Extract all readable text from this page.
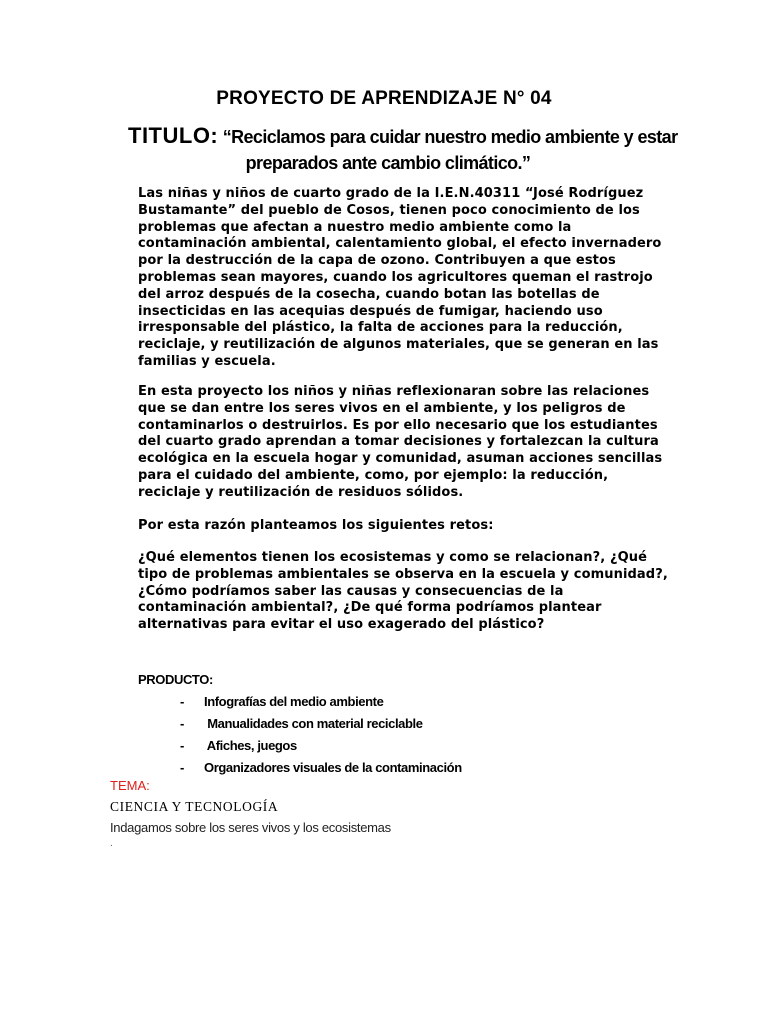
PROYECTO DE APRENDIZAJE N° 04
TITULO: “Reciclamos para cuidar nuestro medio ambiente y estar
preparados ante cambio climático.”
Las niñas y niños de cuarto grado de la I.E.N.40311 “José Rodríguez Bustamante” del pueblo de Cosos, tienen poco conocimiento de los problemas que afectan a nuestro medio ambiente como la contaminación ambiental, calentamiento global, el efecto invernadero por la destrucción de la capa de ozono. Contribuyen a que estos problemas sean mayores, cuando los agricultores queman el rastrojo del arroz después de la cosecha, cuando botan las botellas de insecticidas en las acequias después de fumigar, haciendo uso irresponsable del plástico, la falta de acciones para la reducción, reciclaje, y reutilización de algunos materiales, que se generan en las familias y escuela.
En esta proyecto los niños y niñas reflexionaran sobre las relaciones que se dan entre los seres vivos en el ambiente, y los peligros de contaminarlos o destruirlos. Es por ello necesario que los estudiantes del cuarto grado aprendan a tomar decisiones y fortalezcan la cultura ecológica en la escuela hogar y comunidad, asuman acciones sencillas para el cuidado del ambiente, como, por ejemplo: la reducción, reciclaje y reutilización de residuos sólidos.
Por esta razón planteamos los siguientes retos:
¿Qué elementos tienen los ecosistemas y como se relacionan?, ¿Qué tipo de problemas ambientales se observa en la escuela y comunidad?, ¿Cómo podríamos saber las causas y consecuencias de la contaminación ambiental?, ¿De qué forma podríamos plantear alternativas para evitar el uso exagerado del plástico?
PRODUCTO:
-	Infografías del medio ambiente
-	Manualidades con material reciclable
-	Afiches, juegos
-	Organizadores visuales de la contaminación
TEMA:
CIENCIA Y TECNOLOGÍA
Indagamos sobre los seres vivos y los ecosistemas
.
